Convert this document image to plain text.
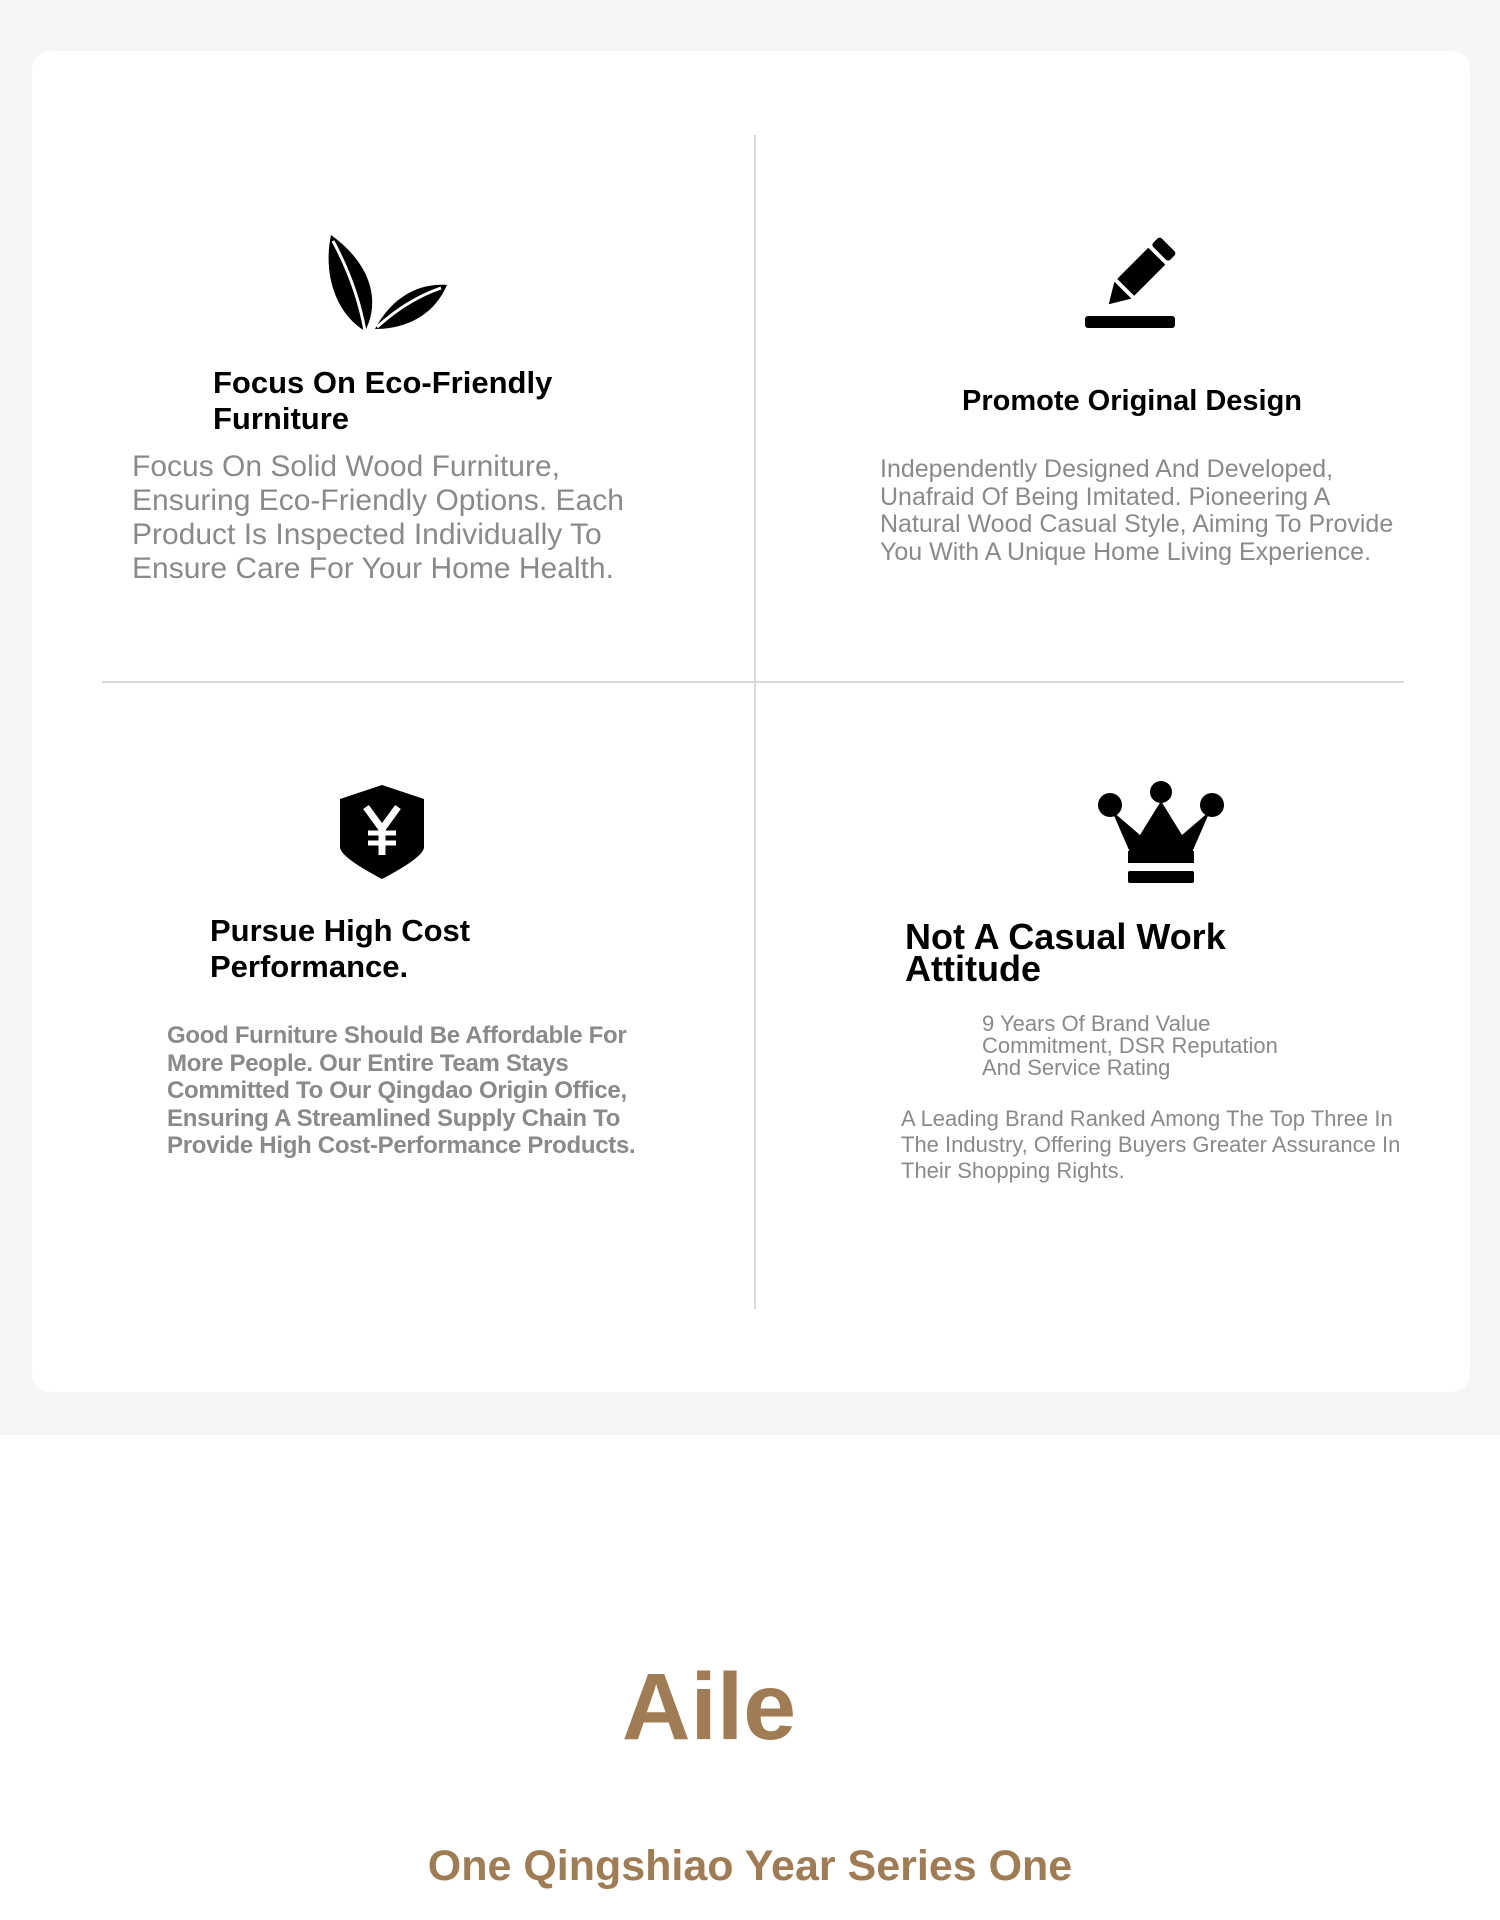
Focus On Eco-Friendly Furniture

Focus On Solid Wood Furniture, Ensuring Eco-Friendly Options. Each Product Is Inspected Individually To Ensure Care For Your Home Health.

Promote Original Design

Independently Designed And Developed, Unafraid Of Being Imitated. Pioneering A Natural Wood Casual Style, Aiming To Provide You With A Unique Home Living Experience.

Pursue High Cost Performance.

Good Furniture Should Be Affordable For More People. Our Entire Team Stays Committed To Our Qingdao Origin Office, Ensuring A Streamlined Supply Chain To Provide High Cost-Performance Products.

Not A Casual Work Attitude

9 Years Of Brand Value Commitment, DSR Reputation And Service Rating

A Leading Brand Ranked Among The Top Three In The Industry, Offering Buyers Greater Assurance In Their Shopping Rights.

Aile
One Qingshiao Year Series One
